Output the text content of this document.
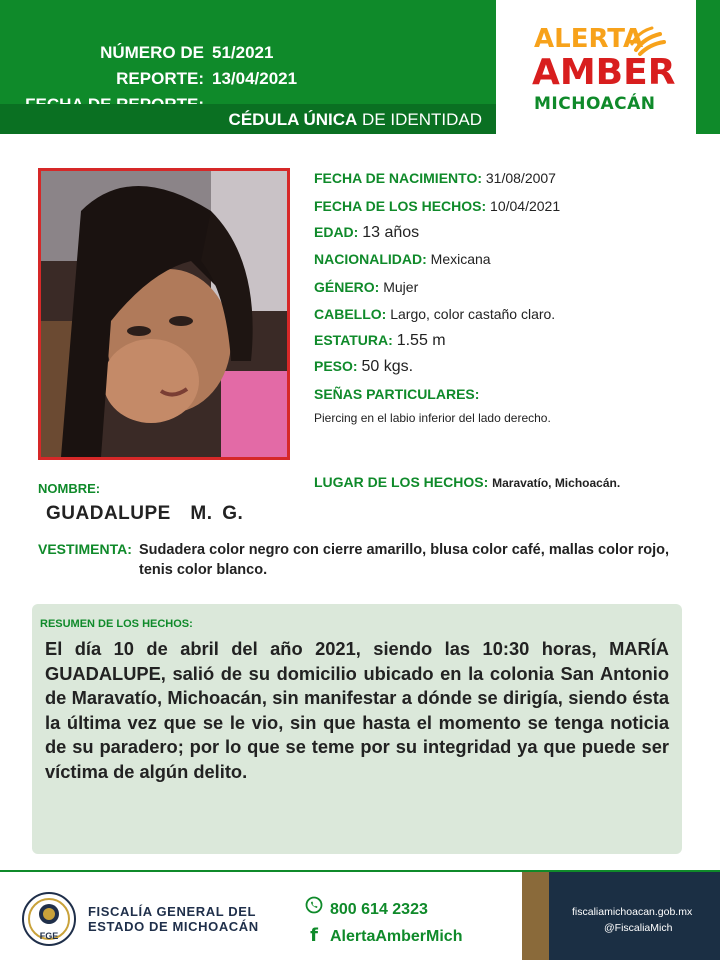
NÚMERO DE REPORTE:
51/2021
13/04/2021
CÉDULA ÚNICA DE IDENTIDAD
ALERTA
AMBER
MICHOACÁN
FECHA DE NACIMIENTO: 31/08/2007
FECHA DE LOS HECHOS: 10/04/2021
EDAD: 13 años
NACIONALIDAD: Mexicana
GÉNERO: Mujer
CABELLO: Largo, color castaño claro.
ESTATURA: 1.55 m
PESO: 50 kgs.
SEÑAS PARTICULARES:
Piercing en el labio inferior del lado derecho.
LUGAR DE LOS HECHOS: Maravatío, Michoacán.
NOMBRE:
GUADALUPE  M. G.
VESTIMENTA: Sudadera color negro con cierre amarillo, blusa color café, mallas color rojo, tenis color blanco.
RESUMEN DE LOS HECHOS:
El día 10 de abril del año 2021, siendo las 10:30 horas, MARÍA GUADALUPE, salió de su domicilio ubicado en la colonia San Antonio de Maravatío, Michoacán, sin manifestar a dónde se dirigía, siendo ésta la última vez que se le vio, sin que hasta el momento se tenga noticia de su paradero; por lo que se teme por su integridad ya que puede ser víctima de algún delito.
FGE
FISCALÍA GENERAL DEL
ESTADO DE MICHOACÁN
800 614 2323
f AlertaAmberMich
fiscaliamichoacan.gob.mx
@FiscaliaMich
